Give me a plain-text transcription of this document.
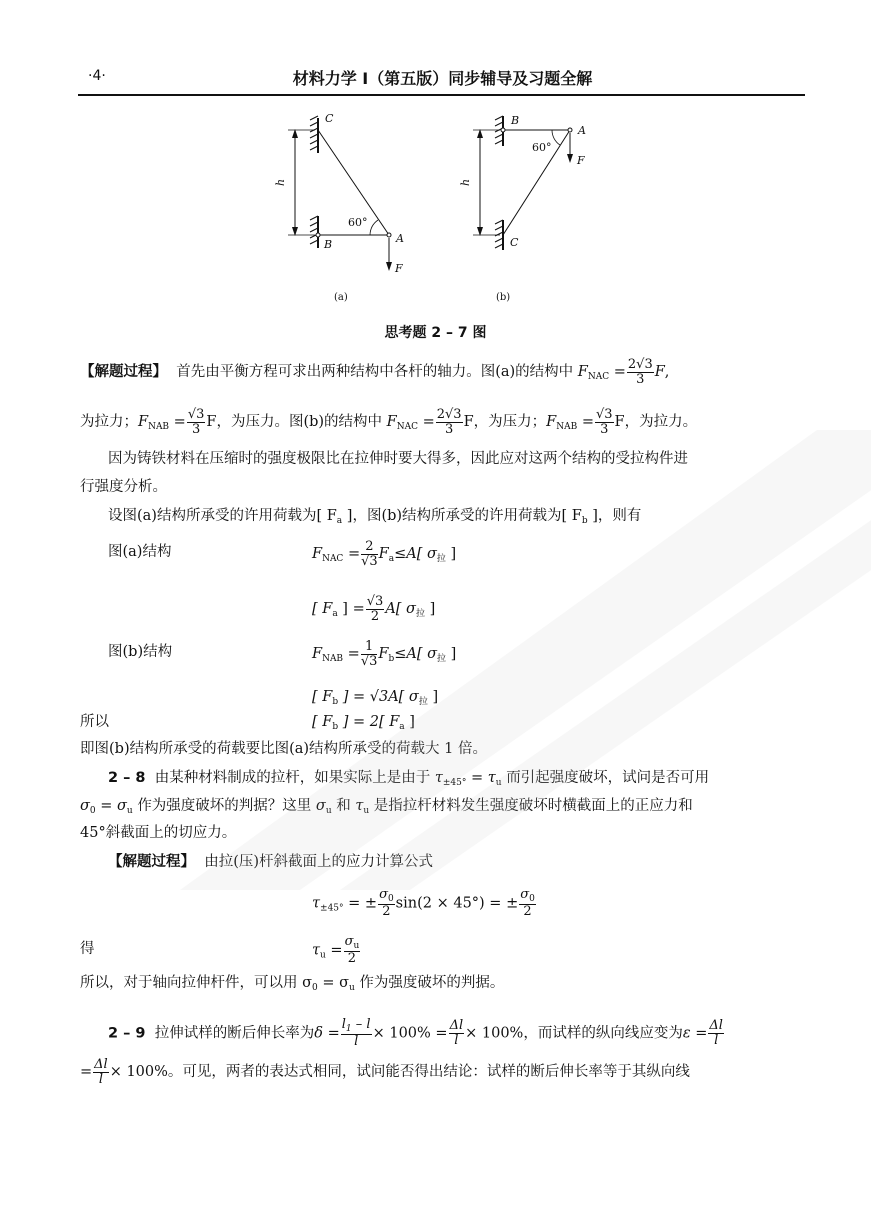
·4·	材料力学 I（第五版）同步辅导及习题全解
C
B	A
60°
F
h
(a)
B
C
A
60°
F
h
(b)
思考题 2 – 7 图
【解题过程】 首先由平衡方程可求出两种结构中各杆的轴力。图(a)的结构中 $F_{NAC} = \frac{2√3}{3} F$,
为拉力；$F_{NAB} = \frac{√3}{3}$ F，为压力。图(b)的结构中 $F_{NAC} = \frac{2√3}{3}$ F，为压力；$F_{NAB} = \frac{√3}{3}$ F，为拉力。
因为铸铁材料在压缩时的强度极限比在拉伸时要大得多，因此应对这两个结构的受拉构件进
行强度分析。
设图(a)结构所承受的许用荷载为[ $F_a$ ]，图(b)结构所承受的许用荷载为[ $F_b$ ]，则有
图(a)结构	$F_{NAC} = \frac{2}{√3} F_a\le A$[ $\sigma_拉$ ]
[ $F_a$ ] = $\frac{√3}{2} A$[ $\sigma_拉$ ]
图(b)结构	$F_{NAB} = \frac{1}{√3} F_b\le A$[ $\sigma_拉$ ]
[ $F_b$ ] = √3A[ $\sigma_拉$ ]
所以	[ $F_b$ ] = 2[ $F_a$ ]
即图(b)结构所承受的荷载要比图(a)结构所承受的荷载大 1 倍。
2 – 8 由某种材料制成的拉杆，如果实际上是由于 $\tau_{\pm 45^\circ} = \tau_u$ 而引起强度破坏，试问是否可用
$\sigma_0 = \sigma_u$ 作为强度破坏的判据？这里 $\sigma_u$ 和 $\tau_u$ 是指拉杆材料发生强度破坏时横截面上的正应力和
45°斜截面上的切应力。
【解题过程】 由拉(压)杆斜截面上的应力计算公式
$\tau_{\pm 45^\circ}$ = ± $\frac{\sigma_0}{2} \sin(2 \times 45^\circ)$ = ± $\frac{\sigma_0}{2}$
得	$\tau_u = \frac{\sigma_u}{2}$
所以，对于轴向拉伸杆件，可以用 $\sigma_0 = \sigma_u$ 作为强度破坏的判据。
2 – 9 拉伸试样的断后伸长率为$\delta = \frac{l_1 - l}{l} \times 100\% = \frac{\Delta l}{l} \times 100\%$，而试样的纵向线应变为$\varepsilon = \frac{\Delta l}{l}$
= $\frac{\Delta l}{l} \times 100\%$。可见，两者的表达式相同，试问能否得出结论：试样的断后伸长率等于其纵向线
